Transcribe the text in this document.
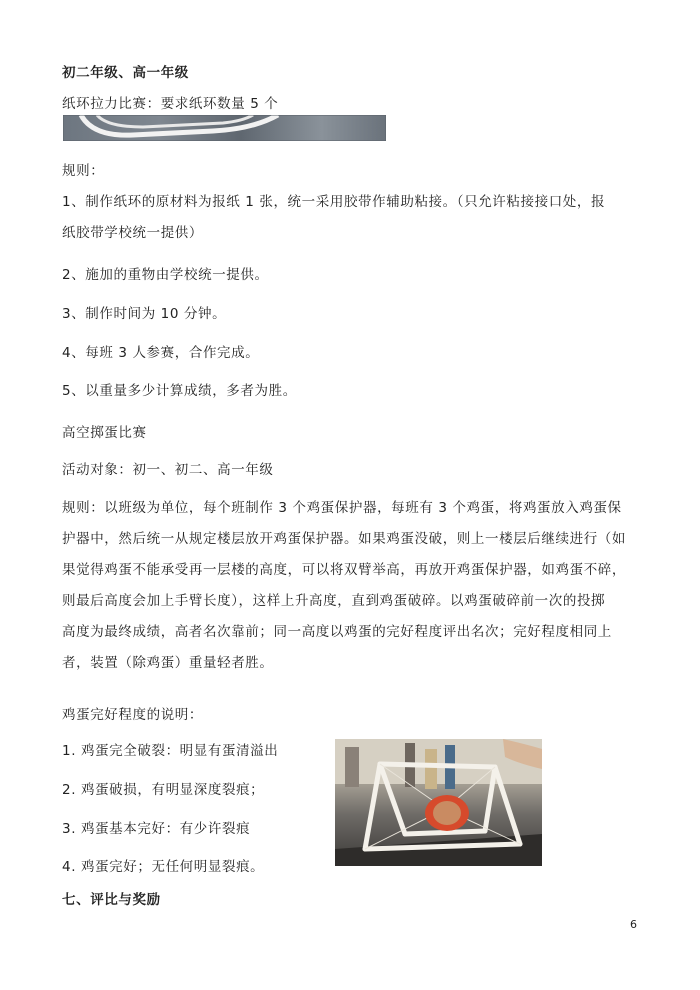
初二年级、高一年级
纸环拉力比赛：要求纸环数量 5 个
规则：
1、制作纸环的原材料为报纸 1 张，统一采用胶带作辅助粘接。（只允许粘接接口处，报
纸胶带学校统一提供）
2、施加的重物由学校统一提供。
3、制作时间为 10 分钟。
4、每班 3 人参赛，合作完成。
5、以重量多少计算成绩，多者为胜。
高空掷蛋比赛
活动对象：初一、初二、高一年级
规则：以班级为单位，每个班制作 3 个鸡蛋保护器，每班有 3 个鸡蛋，将鸡蛋放入鸡蛋保
护器中，然后统一从规定楼层放开鸡蛋保护器。如果鸡蛋没破，则上一楼层后继续进行（如
果觉得鸡蛋不能承受再一层楼的高度，可以将双臂举高，再放开鸡蛋保护器，如鸡蛋不碎，
则最后高度会加上手臂长度），这样上升高度，直到鸡蛋破碎。以鸡蛋破碎前一次的投掷
高度为最终成绩，高者名次靠前；同一高度以鸡蛋的完好程度评出名次；完好程度相同上
者，装置（除鸡蛋）重量轻者胜。
鸡蛋完好程度的说明：
1. 鸡蛋完全破裂：明显有蛋清溢出
2. 鸡蛋破损，有明显深度裂痕；
3. 鸡蛋基本完好：有少许裂痕
4. 鸡蛋完好；无任何明显裂痕。
七、评比与奖励
6
